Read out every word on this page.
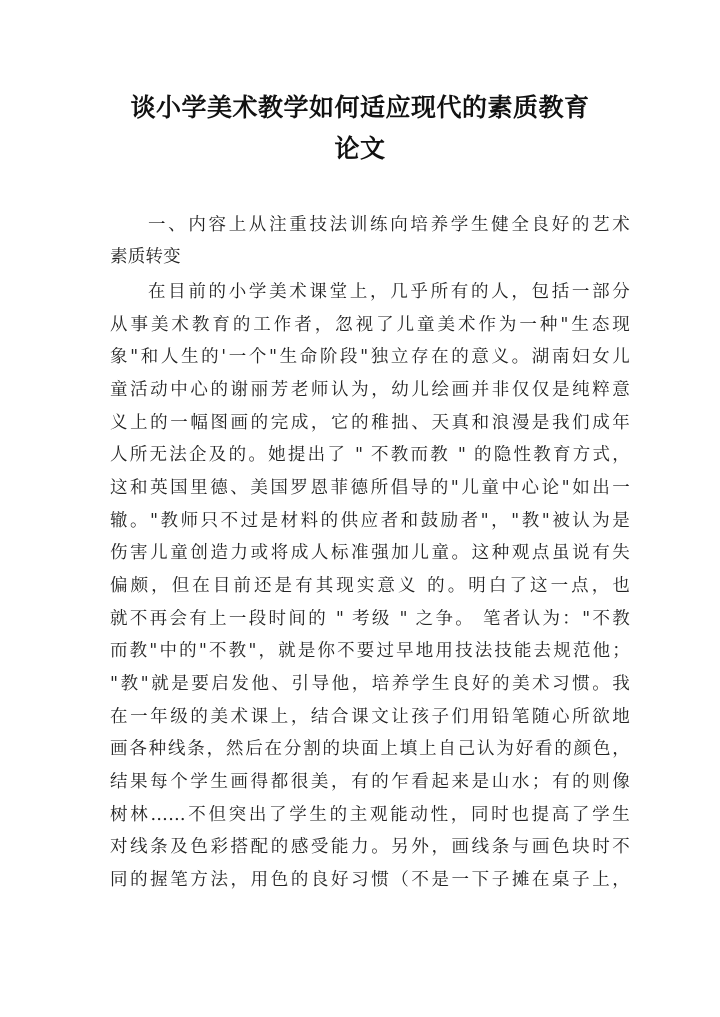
谈小学美术教学如何适应现代的素质教育
论文
一、内容上从注重技法训练向培养学生健全良好的艺术
素质转变
在目前的小学美术课堂上，几乎所有的人，包括一部分
从事美术教育的工作者，忽视了儿童美术作为一种"生态现
象"和人生的'一个"生命阶段"独立存在的意义。湖南妇女儿
童活动中心的谢丽芳老师认为，幼儿绘画并非仅仅是纯粹意
义上的一幅图画的完成，它的稚拙、天真和浪漫是我们成年
人所无法企及的。她提出了 " 不教而教 " 的隐性教育方式，
这和英国里德、美国罗恩菲德所倡导的"儿童中心论"如出一
辙。"教师只不过是材料的供应者和鼓励者"，"教"被认为是
伤害儿童创造力或将成人标准强加儿童。这种观点虽说有失
偏颇，但在目前还是有其现实意义 的。明白了这一点，也
就不再会有上一段时间的 " 考级 " 之争。 笔者认为："不教
而教"中的"不教"，就是你不要过早地用技法技能去规范他；
"教"就是要启发他、引导他，培养学生良好的美术习惯。我
在一年级的美术课上，结合课文让孩子们用铅笔随心所欲地
画各种线条，然后在分割的块面上填上自己认为好看的颜色，
结果每个学生画得都很美，有的乍看起来是山水；有的则像
树林……不但突出了学生的主观能动性，同时也提高了学生
对线条及色彩搭配的感受能力。另外，画线条与画色块时不
同的握笔方法，用色的良好习惯（不是一下子摊在桌子上，
